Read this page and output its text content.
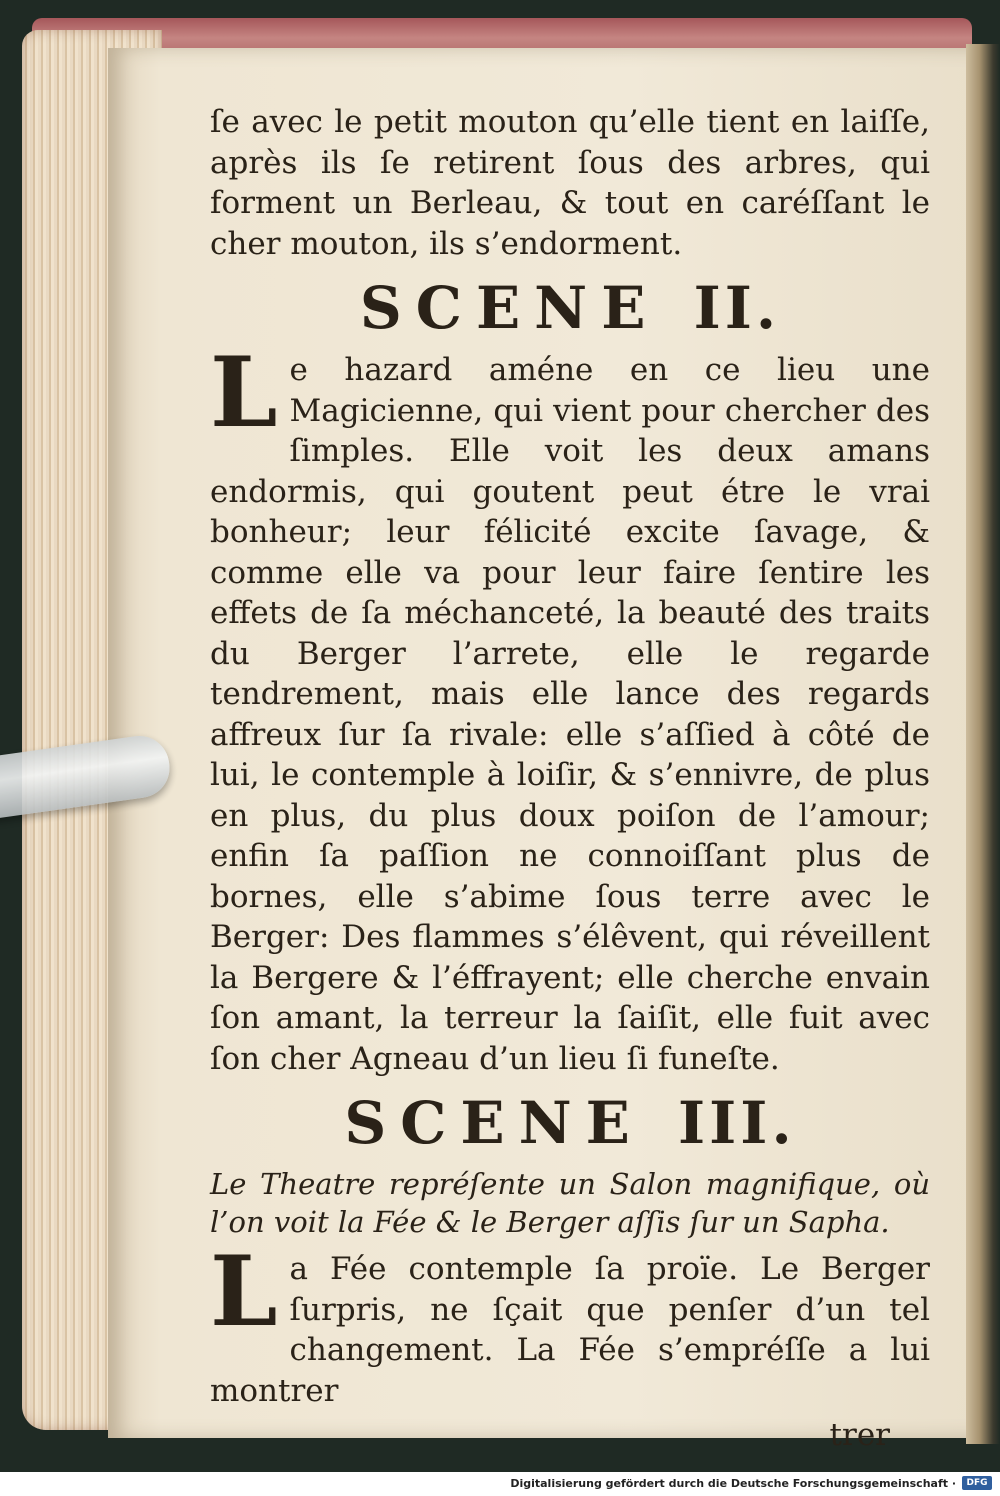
ſe avec le petit mouton qu’elle tient en laiſſe, après ils ſe retirent ſous des arbres, qui forment un Berleau, & tout en caréſſant le cher mouton, ils s’endorment.

SCENE II.

Le hazard améne en ce lieu une Magicienne, qui vient pour chercher des ſimples. Elle voit les deux amans endormis, qui goutent peut étre le vrai bonheur; leur félicité excite ſavage, & comme elle va pour leur faire ſentire les effets de ſa méchanceté, la beauté des traits du Berger l’arrete, elle le regarde tendrement, mais elle lance des regards affreux ſur ſa rivale: elle s’aſſied à côté de lui, le contemple à loiſir, & s’ennivre, de plus en plus, du plus doux poiſon de l’amour; enfin ſa paſſion ne connoiſſant plus de bornes, elle s’abime ſous terre avec le Berger: Des flammes s’élêvent, qui réveillent la Bergere & l’éffrayent; elle cherche envain ſon amant, la terreur la ſaiſit, elle fuit avec ſon cher Agneau d’un lieu ſi funeſte.

SCENE III.

Le Theatre repréſente un Salon magnifique, où l’on voit la Fée & le Berger aſſis ſur un Sapha.

La Fée contemple ſa proïe. Le Berger ſurpris, ne ſçait que penſer d’un tel changement. La Fée s’empréſſe a lui montrer

trer
Digitalisierung gefördert durch die Deutsche Forschungsgemeinschaft ·	DFG
